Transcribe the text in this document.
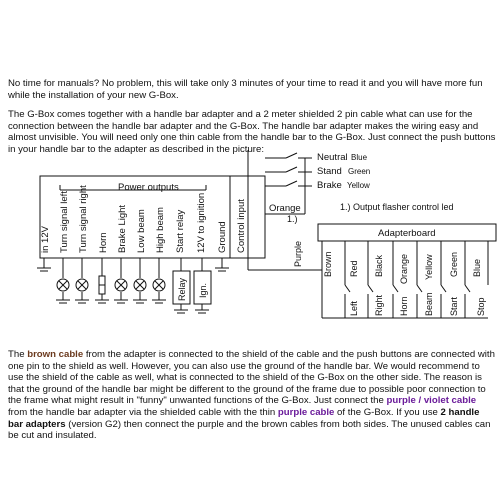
No time for manuals? No problem, this will take only 3 minutes of your time to read it and you will have more fun while the installation of your new G-Box.
The G-Box comes together with a handle bar adapter and a 2 meter shielded 2 pin cable what can use for the connection between the handle bar adapter and the G-Box. The handle bar adapter makes the wiring easy and almost unvisible. You will need only one thin cable from the handle bar to the G-Box. Just connect the push buttons in your handle bar to the adapter as described in the picture:
Power outputs
in 12V Turn signal left Turn signal right Horn Brake Light Low beam High beam Start relay 12V to ignition Ground Control input
Relay Ign.
Neutral Blue
Stand Green
Brake Yellow
Orange
1.)
1.) Output flasher control led
Purple
Adapterboard
Brown Red Black Orange Yellow Green Blue
Left Right Horn Beam Start Stop
The brown cable from the adapter is connected to the shield of the cable and the push buttons are connected with one pin to the shield as well. However, you can also use the ground of the handle bar. We would recommend to use the shield of the cable as well, what is connected to the shield of the G-Box on the other side. The reason is that the ground of the handle bar might be different to the ground of the frame due to possible poor connection to the frame what might result in "funny" unwanted functions of the G-Box. Just connect the purple / violet cable from the handle bar adapter via the shielded cable with the thin purple cable of the G-Box. If you use 2 handle bar adapters (version G2) then connect the purple and the brown cables from both sides. The unused cables can be cut and insulated.
